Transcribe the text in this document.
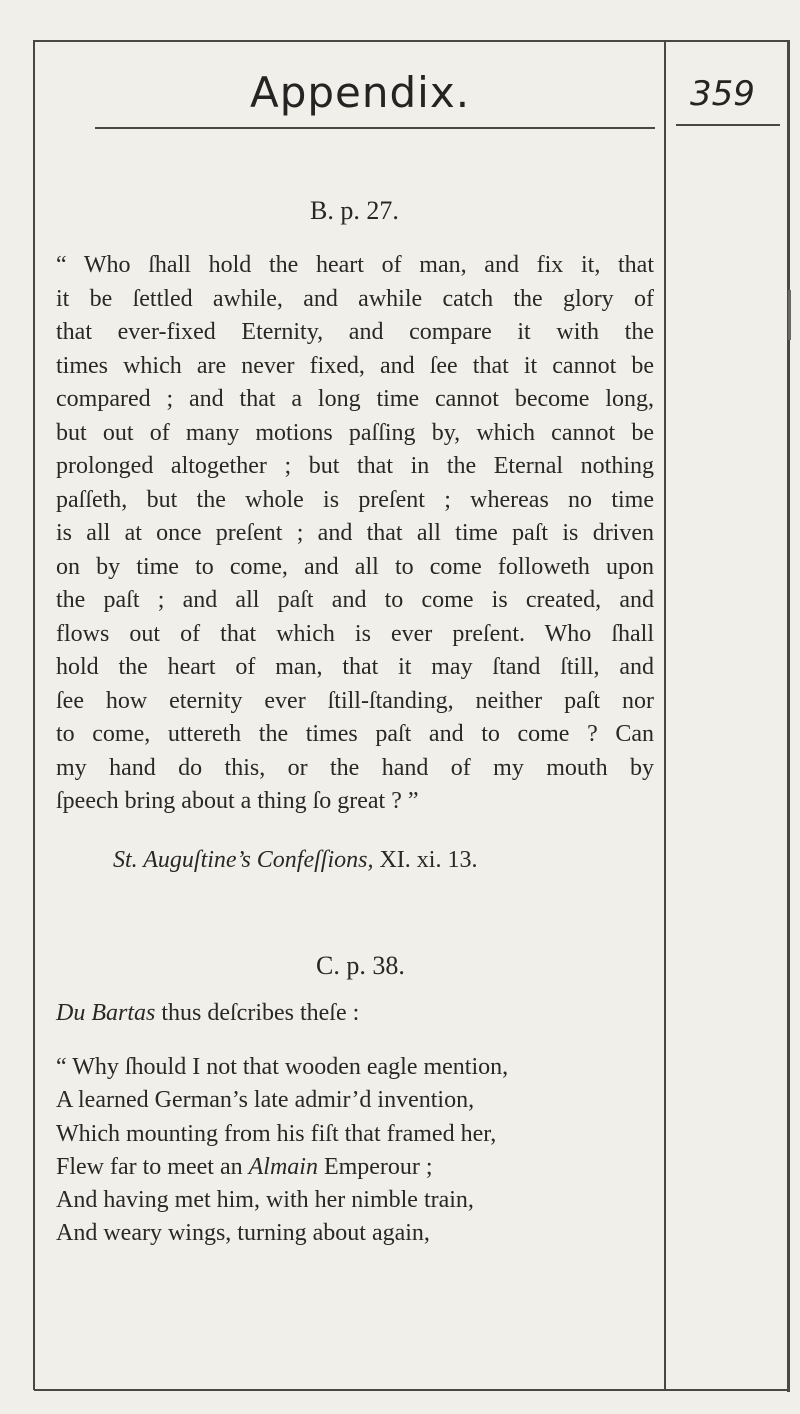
Appendix.	359
B. p. 27.
“ Who ſhall hold the heart of man, and fix it, that
it be ſettled awhile, and awhile catch the glory of
that ever-fixed Eternity, and compare it with the
times which are never fixed, and ſee that it cannot be
compared ; and that a long time cannot become long,
but out of many motions paſſing by, which cannot be
prolonged altogether ; but that in the Eternal nothing
paſſeth, but the whole is preſent ; whereas no time
is all at once preſent ; and that all time paſt is driven
on by time to come, and all to come followeth upon
the paſt ; and all paſt and to come is created, and
flows out of that which is ever preſent. Who ſhall
hold the heart of man, that it may ſtand ſtill, and
ſee how eternity ever ſtill-ſtanding, neither paſt nor
to come, uttereth the times paſt and to come ? Can
my hand do this, or the hand of my mouth by
ſpeech bring about a thing ſo great ? ”
St. Auguſtine’s Confeſſions, XI. xi. 13.
C. p. 38.
Du Bartas thus deſcribes theſe :
“ Why ſhould I not that wooden eagle mention,
A learned German’s late admir’d invention,
Which mounting from his fiſt that framed her,
Flew far to meet an Almain Emperour ;
And having met him, with her nimble train,
And weary wings, turning about again,
